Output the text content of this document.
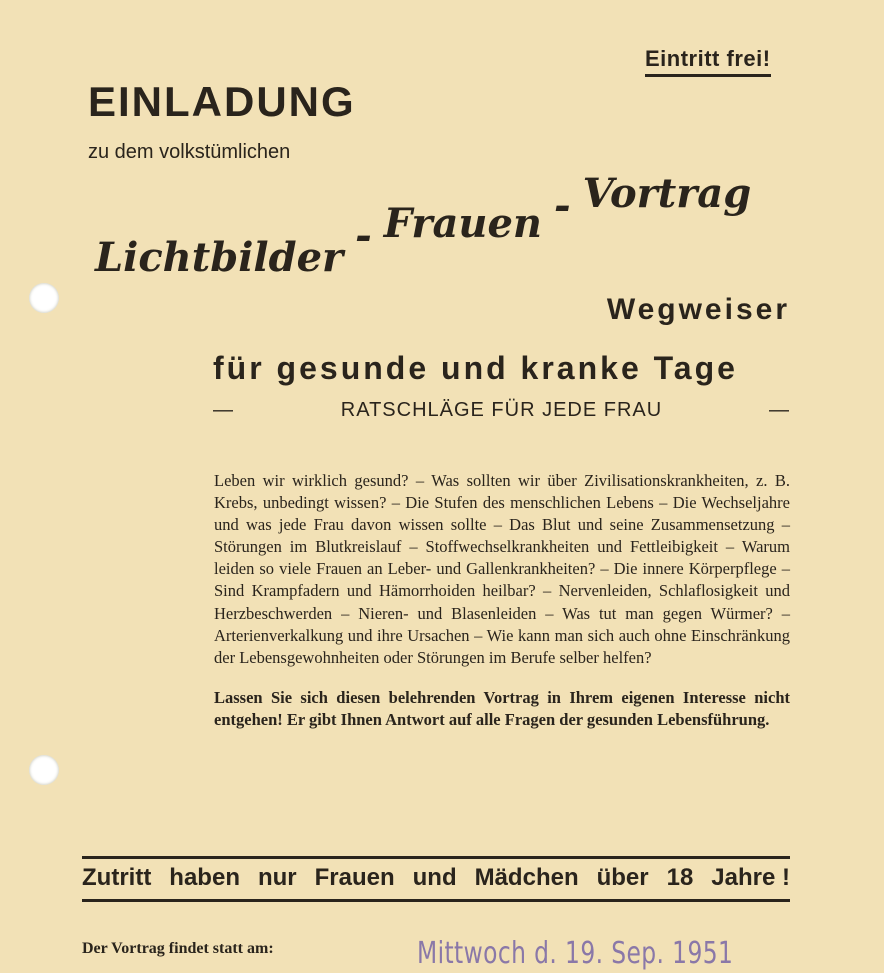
Eintritt frei!
EINLADUNG
zu dem volkstümlichen
Lichtbilder - Frauen - Vortrag
Wegweiser
für gesunde und kranke Tage
—	RATSCHLÄGE FÜR JEDE FRAU	—
Leben wir wirklich gesund? – Was sollten wir über Zivilisationskrankheiten, z. B. Krebs, unbedingt wissen? – Die Stufen des menschlichen Lebens – Die Wechseljahre und was jede Frau davon wissen sollte – Das Blut und seine Zusammensetzung – Störungen im Blutkreislauf – Stoffwechselkrankheiten und Fettleibigkeit – Warum leiden so viele Frauen an Leber- und Gallenkrankheiten? – Die innere Körperpflege – Sind Krampfadern und Hämorrhoiden heilbar? – Nervenleiden, Schlaflosigkeit und Herzbeschwerden – Nieren- und Blasenleiden – Was tut man gegen Würmer? – Arterienverkalkung und ihre Ursachen – Wie kann man sich auch ohne Einschränkung der Lebensgewohnheiten oder Störungen im Berufe selber helfen?
Lassen Sie sich diesen belehrenden Vortrag in Ihrem eigenen Interesse nicht entgehen! Er gibt Ihnen Antwort auf alle Fragen der gesunden Lebensführung.
Zutritt haben nur Frauen und Mädchen über 18 Jahre !
Der Vortrag findet statt am:	Mittwoch d. 19. Sep. 1951
